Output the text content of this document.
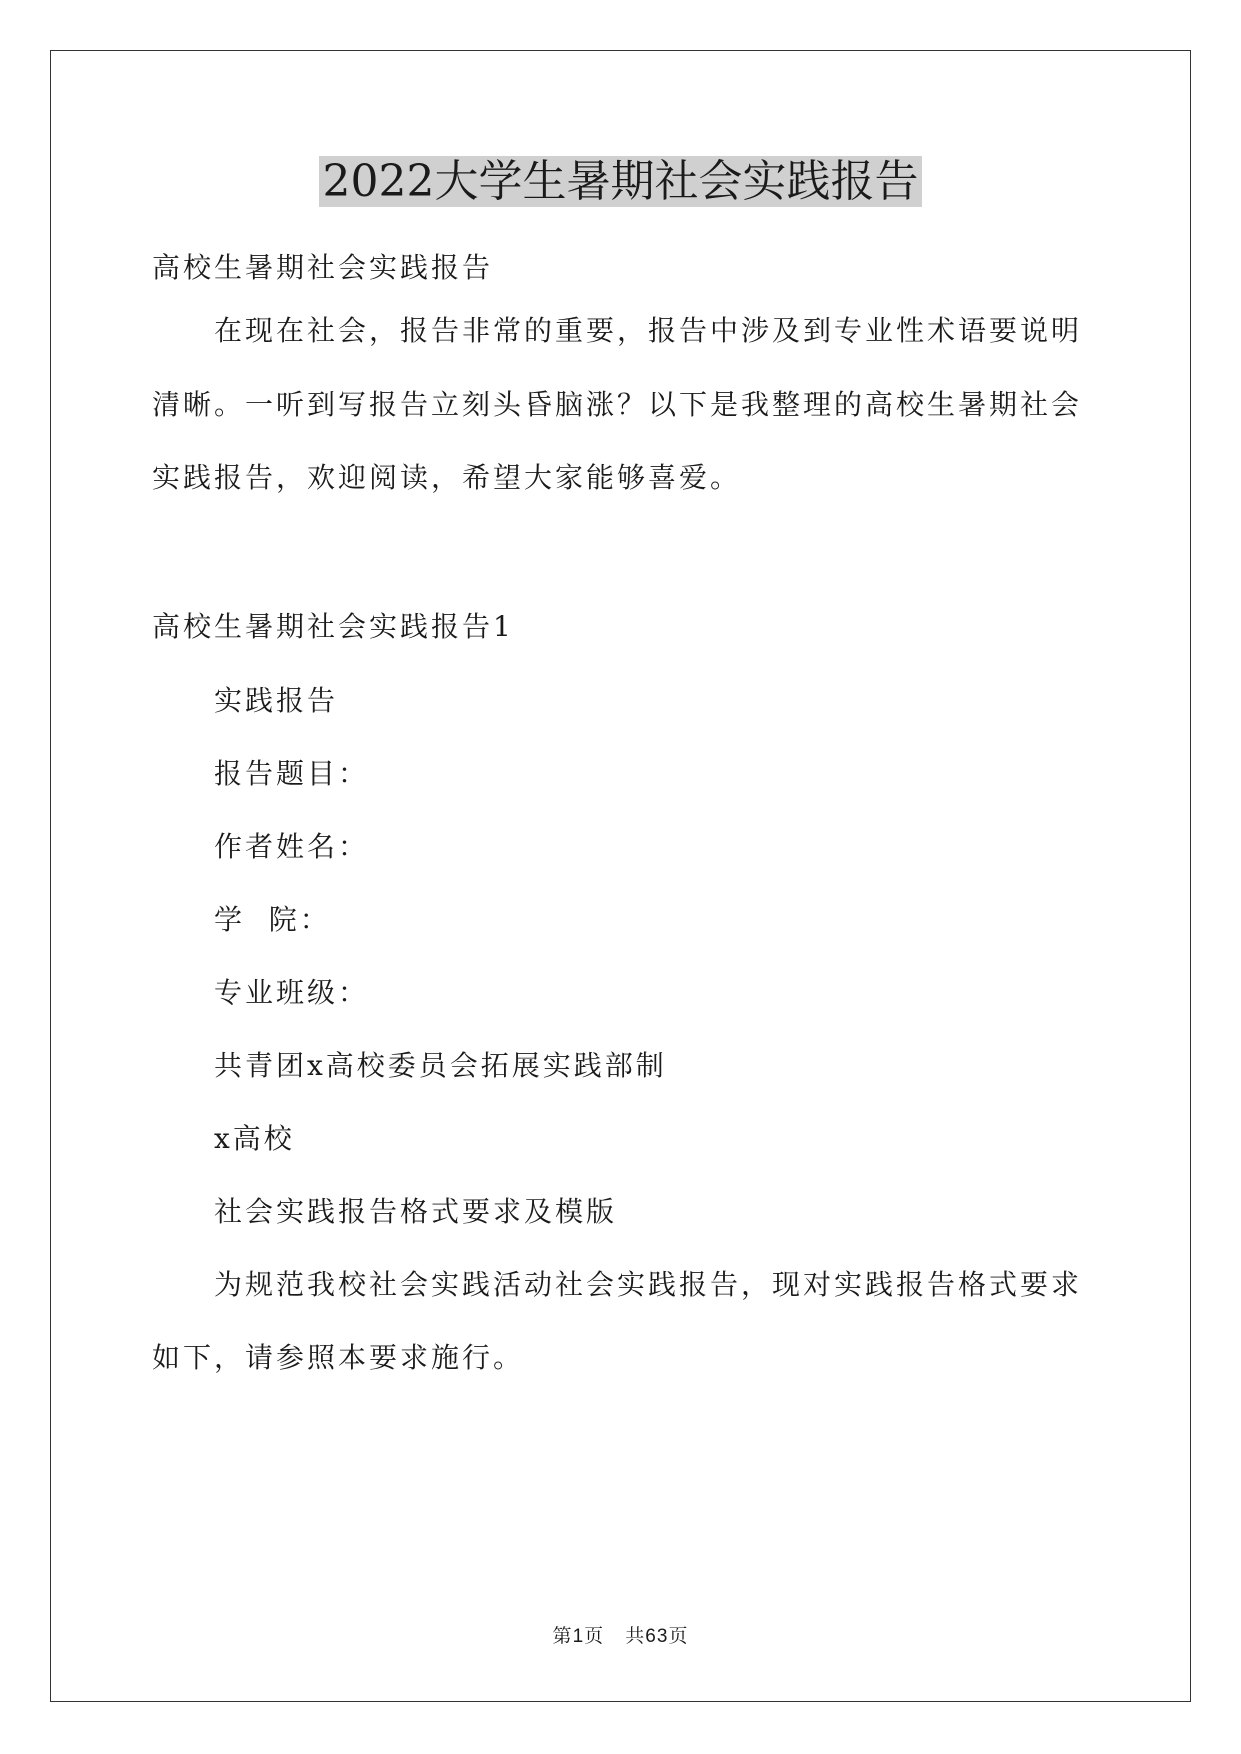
2022大学生暑期社会实践报告

高校生暑期社会实践报告

在现在社会，报告非常的重要，报告中涉及到专业性术语要说明

清晰。一听到写报告立刻头昏脑涨？以下是我整理的高校生暑期社会

实践报告，欢迎阅读，希望大家能够喜爱。

高校生暑期社会实践报告1

实践报告

报告题目：

作者姓名：

学  院：

专业班级：

共青团x高校委员会拓展实践部制

x高校

社会实践报告格式要求及模版

为规范我校社会实践活动社会实践报告，现对实践报告格式要求

如下，请参照本要求施行。

第1页 共63页
